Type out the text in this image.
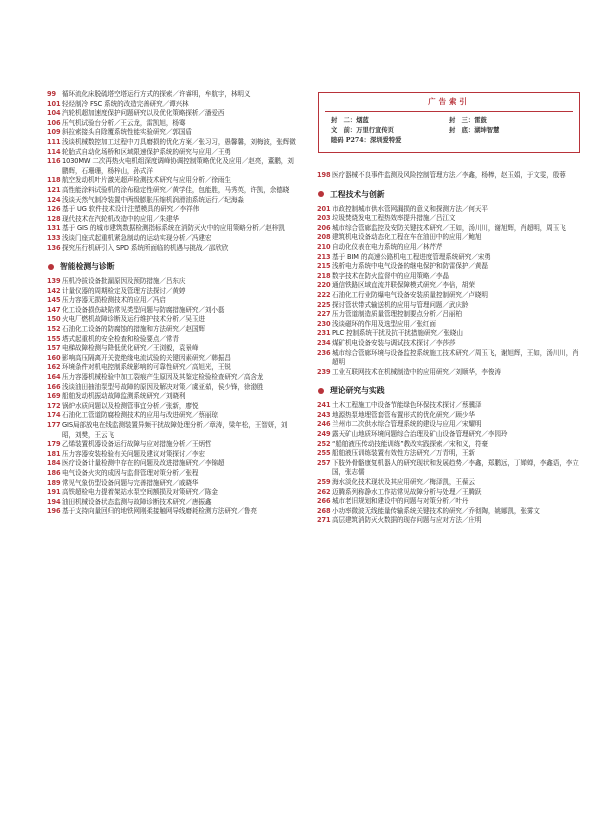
99 循环流化床脱硫塔空塔运行方式的探索／许睿明，牟航宇，林明义
101 轻烃制冷 FSC 系统的改造完善研究／谭兴林
104 汽轮机超加速度保护问题研究以及优化策略探析／潘爱西
106 压气机试验台分析／王云龙，雷凯旭，杨骞
109 斜拉索接头自除覆系统性能实验研究／郭国盾
111 浅谈机械数控加工过程中刀具磨损的优化方案／张习习，愚馨馨，刘梅波，张辉微
114 轮胎式自动化场桥和区域限速保护系统的研究与应用／王勇
116 1030MW 二次再热火电机组深度调峰协调控制策略优化及应用／赵亮，董鹏，刘鹏辉，石珊珊，杨梓山，孙式洋
118 航空发动机叶片激光超声检测技术研究与应用分析／徐雨生
121 高性能涂料试验机的涂布稳定性研究／黄学佳，包能胜，马秀英，许凯，余德晓
124 浅谈天然气制冷装置中两级膨胀压缩机润滑油系统运行／纪海淼
126 基于 UG 软件技术设计注塑模具的研究／李祥伟
128 现代技术在汽轮机改造中的应用／朱建华
131 基于 GIS 的城市建筑数据检测指标系统在消防灭火中的应用策略分析／赵梓凯
133 浅谈门座式起重机紧急制动的运动实现分析／冯建宏
136 探究压行机研引入 SPD 系统所面临的机遇与挑战／邵欣欣
智能检测与诊断
139 压机冷拔设备批漏原因及预防措施／吕东庆
142 计量仪器的周期检定及管理方法探讨／黄婷
145 压力容器无损检测技术的应用／冯启
147 化工设备损伤缺陷常见类型问题与防腐措施研究／刘小磊
150 火电厂燃机故障诊断及运行维护技术分析／吴玉进
152 石油化工设备的防腐蚀的措施和方法研究／赵国辉
155 塔式起重机的安全检查和检验要点／常青
157 电梯故障检测与降低优化研究／王浏毅，袁景峰
160 影响高压隔离开关瓷绝缘电流试验的关键因素研究／韩振昌
162 环境条件对机电控制系统影响的可靠性研究／高旭光，王锐
164 压力容器机械检验中加工裂痕产生原因及其鉴定检验检查研究／高含龙
166 浅谈油田抽油泵型号故障的原因及解决对策／虞亚茹，侯少锋，徐渤胜
169 船舶发动机振动故障监测系统研究／刘晓利
172 锅炉水质问题以及检测管事宜分析／张新，廖悦
174 石油化工管道防腐检测技术的应用与改进研究／蔡丽琼
177 GIS局部放电在线监测装置异频干扰故障处理分析／章涛，梁年松，王智妍，刘昭，刘樊，王云飞
179 乙烯装置机器设备运行故障与应对措施分析／王炳哲
181 压力容器安装检验有关问题及建议对策探讨／李宏
184 医疗设备计量检测中存在的问题及改进措施研究／李锦超
186 电气设备火灾的成因与监督管理对策分析／张程
189 常见气象仿型设备问题与完善措施研究／戚晓华
191 高铁超检电力提着架站水泵空间额损及对策研究／陈金
194 油田机械设备状态监测与故障诊断技术研究／唐振鑫
196 基于支持向量回归的地铁网刚柔接触网导线磨耗检测方法研究／鲁亮
广告索引
封　二：烟蓝	封　三：雷鼓
文　前：万里行宣传页	封　底：湖坤智慧
睦码 P274：深圳爱特爱
198 医疗器械不良事件监测及风险控制管理方法／李鑫，杨棒，赵玉娟，于文雯，殷蓉
工程技术与创新
201 市政控制城市供水管网漏损的意义和探测方法／何天平
203 垃圾焚烧发电工程热效率提升措施／吕江文
206 城市综合管廊监控及安防关键技术研究／王如，汤川川，谢旭辉，肖超明，周玉飞
208 建筑机电设备动态化工程在车在油田中的应用／鲍旭
210 自动化仪表在电力系统的应用／林芹芹
213 基于 BIM 的高速公路机电工程进度管理系统研究／宋勇
215 浅析电力系统中电气设备的继电保护和防雷保护／黄磊
218 数字技术在防火监督中的应用策略／李晶
220 通信铁路区域直流并联保障模式研究／李倍，胡荣
222 石油化工行业防爆电气设备安装质量控制研究／卢晓明
225 探讨管状带式输送机的应用与管理问题／武庆龄
227 压力管道制造质量管理控制要点分析／吕丽柏
230 浅谈磁环的作用及选型应用／张红面
231 PLC 控制系统干扰及抗干扰措施研究／张晓山
234 煤矿机电设备安装与调试技术探讨／李莎莎
236 城市综合管廊环境与设备监控系统施工技术研究／周玉飞，谢旭辉，王如，汤川川，肖超明
239 工业互联网技术在机械制造中的应用研究／刘顺华，李俊涛
理论研究与实践
241 土木工程施工中设备节能绿色环保技术探讨／蔡骥泽
243 地源热泵地埋管套管布置形式的优化研究／顾少华
246 兰州市二次供水综合管理系统的建设与应用／宋耀明
249 露天矿山地质环境问题综合治理及矿山设备管理研究／李园玲
252 “船舶液压传动技能训练”教改实践探索／宋和义，符豪
255 船舶液压训练装置有效性方法研究／万青明，王新
257 下肢外骨骼康复机器人的研究现状和发展趋势／李鑫，郑鹏远，丁婵婵，李鑫语，李立国，张志儒
259 海水淡化技术现状及其应用研究／梅泽凯，王葆云
262 迈腾系列称静水工作站常见故障分析与处理／王腾跃
266 城市老旧规划和建设中的问题与对策分析／叶丹
268 小功率微波无线能量传输系统关键技术的研究／乔彻陶，姚娜凯，张雾文
271 高层建筑消防灭火数据的现存问题与应对方法／庄明
